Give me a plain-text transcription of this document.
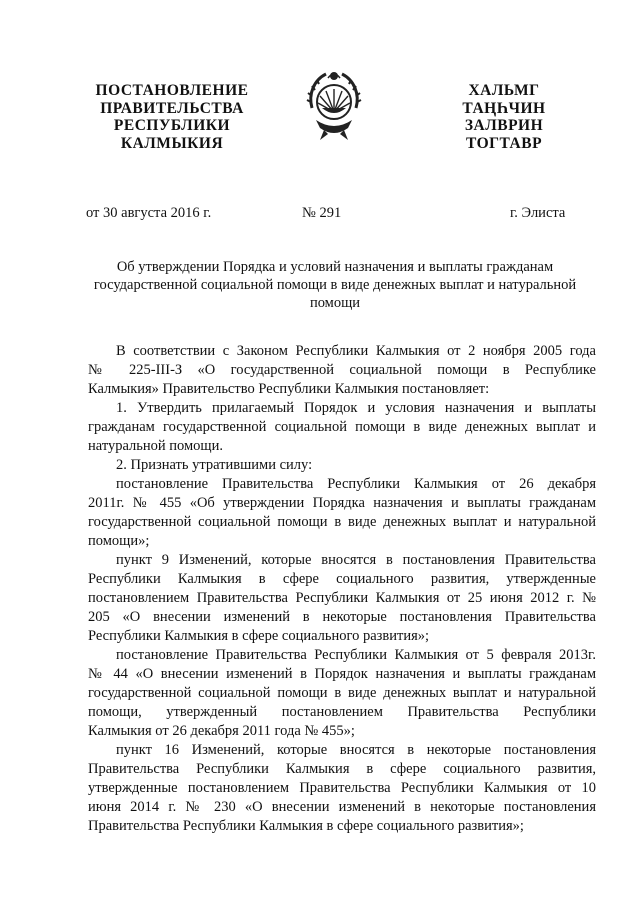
ПОСТАНОВЛЕНИЕ
ПРАВИТЕЛЬСТВА
РЕСПУБЛИКИ
КАЛМЫКИЯ
ХАЛЬМГ
ТАҢҺЧИН
ЗАЛВРИН
ТОГТАВР
от 30 августа 2016 г.	№ 291	г. Элиста
Об утверждении Порядка и условий назначения и выплаты гражданам
государственной социальной помощи в виде денежных выплат и натуральной
помощи
В соответствии с Законом Республики Калмыкия от 2 ноября 2005 года
№ 225-III-З «О государственной социальной помощи в Республике
Калмыкия» Правительство Республики Калмыкия постановляет:
1. Утвердить прилагаемый Порядок и условия назначения и выплаты
гражданам государственной социальной помощи в виде денежных выплат и
натуральной помощи.
2. Признать утратившими силу:
постановление Правительства Республики Калмыкия от 26 декабря
2011г. № 455 «Об утверждении Порядка назначения и выплаты гражданам
государственной социальной помощи в виде денежных выплат и натуральной
помощи»;
пункт 9 Изменений, которые вносятся в постановления Правительства
Республики Калмыкия в сфере социального развития, утвержденные
постановлением Правительства Республики Калмыкия от 25 июня 2012 г. №
205 «О внесении изменений в некоторые постановления Правительства
Республики Калмыкия в сфере социального развития»;
постановление Правительства Республики Калмыкия от 5 февраля 2013г.
№ 44 «О внесении изменений в Порядок назначения и выплаты гражданам
государственной социальной помощи в виде денежных выплат и натуральной
помощи, утвержденный постановлением Правительства Республики
Калмыкия от 26 декабря 2011 года № 455»;
пункт 16 Изменений, которые вносятся в некоторые постановления
Правительства Республики Калмыкия в сфере социального развития,
утвержденные постановлением Правительства Республики Калмыкия от 10
июня 2014 г. № 230 «О внесении изменений в некоторые постановления
Правительства Республики Калмыкия в сфере социального развития»;
